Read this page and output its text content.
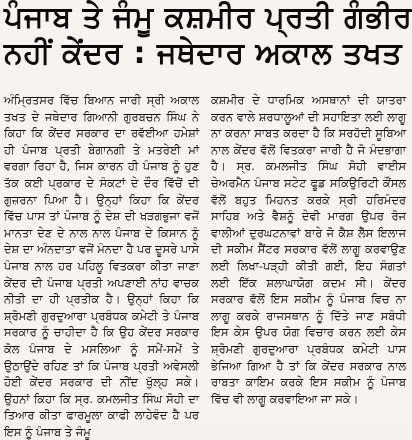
ਪੰਜਾਬ ਤੇ ਜੰਮੂ ਕਸ਼ਮੀਰ ਪ੍ਰਤੀ ਗੰਭੀਰ
ਨਹੀਂ ਕੇਂਦਰ : ਜਥੇਦਾਰ ਅਕਾਲ ਤਖਤ

ਅੰਮ੍ਰਿਤਸਰ ਵਿੱਚ ਬਿਆਨ ਜਾਰੀ ਸ੍ਰੀ ਅਕਾਲ ਤਖਤ ਦੇ ਜਥੇਦਾਰ ਗਿਆਨੀ ਗੁਰਬਚਨ ਸਿੰਘ ਨੇ ਕਿਹਾ ਕਿ ਕੇਂਦਰ ਸਰਕਾਰ ਦਾ ਰਵੱਈਆ ਹਮੇਸ਼ਾਂ ਹੀ ਪੰਜਾਬ ਪ੍ਰਤੀ ਬੇਗਾਨਗੀ ਤੇ ਮਤਰੇਈ ਮਾਂ ਵਰਗਾ ਰਿਹਾ ਹੈ, ਜਿਸ ਕਾਰਨ ਹੀ ਪੰਜਾਬ ਨੂੰ ਹੁਣ ਤੱਕ ਕਈ ਪ੍ਰਕਾਰ ਦੇ ਸੰਕਟਾਂ ਦੇ ਦੌਰ ਵਿੱਚੋਂ ਦੀ ਗੁਜ਼ਰਨਾ ਪਿਆ ਹੈ। ਉਨ੍ਹਾਂ ਕਿਹਾ ਕਿ ਕੇਂਦਰ ਵਿੱਚ ਪਾਸ ਤਾਂ ਪੰਜਾਬ ਨੂੰ ਦੇਸ਼ ਦੀ ਖੜਗਭੁਜਾ ਵਜੋਂ ਮਾਨਤਾ ਦੇਣ ਦੇ ਨਾਲ ਨਾਲ ਪੰਜਾਬ ਦੇ ਕਿਸਾਨ ਨੂੰ ਦੇਸ਼ ਦਾ ਅੰਨਦਾਤਾ ਵਜੋਂ ਮੰਨਦਾ ਹੈ ਪਰ ਦੂਸਰੇ ਪਾਸੇ ਪੰਜਾਬ ਨਾਲ ਹਰ ਪਹਿਲੂ ਵਿਤਕਰਾ ਕੀਤਾ ਜਾਣਾ ਕੇਂਦਰ ਦੀ ਪੰਜਾਬ ਪ੍ਰਤੀ ਅਪਣਾਈ ਨਾਂਹ ਵਾਚਕ ਨੀਤੀ ਦਾ ਹੀ ਪ੍ਰਤੀਕ ਹੈ। ਉਨ੍ਹਾਂ ਕਿਹਾ ਕਿ ਸ਼੍ਰੋਮਣੀ ਗੁਰਦੁਆਰਾ ਪ੍ਰਬੰਧਕ ਕਮੇਟੀ ਤੇ ਪੰਜਾਬ ਸਰਕਾਰ ਨੂੰ ਚਾਹੀਦਾ ਹੈ ਕਿ ਉਹ ਕੇਂਦਰ ਸਰਕਾਰ ਕੋਲ ਪੰਜਾਬ ਦੇ ਮਸਲਿਆ ਨੂੰ ਸਮੇਂ-ਸਮੇਂ ਤੇ ਉਠਾਉਂਦੇ ਰਹਿਣ ਤਾਂ ਕਿ ਪੰਜਾਬ ਪ੍ਰਤੀ ਅਵੇਸਲੀ ਹੋਈ ਕੇਂਦਰ ਸਰਕਾਰ ਦੀ ਨੀਂਦ ਖੁੱਲ੍ਹ ਸਕੇ। ਉਹਨਾਂ ਕਿਹਾ ਕਿ ਸ੍ਰ. ਕਮਲਜੀਤ ਸਿੰਘ ਸੋਹੀ ਦਾ ਤਿਆਰ ਕੀਤਾ ਫਾਰਮੂਲਾ ਕਾਫੀ ਲਾਹੇਵੰਦ ਹੈ ਪਰ ਇਸ ਨੂੰ ਪੰਜਾਬ ਤੇ ਜੰਮੂ

ਕਸ਼ਮੀਰ ਦੇ ਧਾਰਮਿਕ ਅਸਥਾਨਾਂ ਦੀ ਯਾਤਰਾ ਕਰਨ ਵਾਲੇ ਸ਼ਰਧਾਲੂਆਂ ਦੀ ਸਹਾਇਤਾ ਲਈ ਲਾਗੂ ਨਾ ਕਰਨਾ ਸਾਬਤ ਕਰਦਾ ਹੈ ਕਿ ਸਰਹੱਦੀ ਸੂਬਿਆ ਨਾਲ ਕੇਂਦਰ ਵੱਲੋਂ ਵਿਤਕਰਾ ਜਾਰੀ ਹੈ ਜੋ ਮੰਦਭਾਗਾ ਹੈ। ਸ੍ਰ. ਕਮਲਜੀਤ ਸਿੰਘ ਸੋਹੀ ਵਾਈਸ ਚੇਅਰਮੈਨ ਪੰਜਾਬ ਸਟੇਟ ਫੂਡ ਸਕਿਉਰਿਟੀ ਕੌਂਸਲ ਵੱਲੋਂ ਬਹੁਤ ਮਿਹਨਤ ਕਰਕੇ ਸ੍ਰੀ ਹਰਿਮੰਦਰ ਸਾਹਿਬ ਅਤੇ ਵੈਸ਼ਨੂੰ ਦੇਵੀ ਮਾਰਗ ਉਪਰ ਰੋਜ ਵਾਲੀਆਂ ਦੁਰਘਟਨਾਵਾਂ ਬਾਰੇ ਜੋ ਕੈਸ਼ ਲੈੱਸ ਇਲਾਜ ਦੀ ਸਕੀਮ ਸੈਂਟਰ ਸਰਕਾਰ ਵੱਲੋਂ ਲਾਗੂ ਕਰਵਾਉਣ ਲਈ ਲਿਖਾ-ਪੜ੍ਹੀ ਕੀਤੀ ਗਈ, ਇਹ ਸੰਗਤਾਂ ਲਈ ਇੱਕ ਸ਼ਲਾਘਾਯੋਗ ਕਦਮ ਸੀ। ਕੇਂਦਰ ਸਰਕਾਰ ਵੱਲੋਂ ਇਸ ਸਕੀਮ ਨੂੰ ਪੰਜਾਬ ਵਿਚ ਨਾ ਲਾਗੂ ਕਰਕੇ ਰਾਜਸਥਾਨ ਨੂੰ ਦਿੱਤੇ ਜਾਣ ਸਬੰਧੀ ਇਸ ਕੇਸ ਉਪਰ ਯੋਗ ਵਿਚਾਰ ਕਰਨ ਲਈ ਕੇਸ ਸ਼੍ਰੋਮਣੀ ਗੁਰਦੁਆਰਾ ਪ੍ਰਬੰਧਕ ਕਮੇਟੀ ਪਾਸ ਭੇਜਿਆ ਗਿਆ ਹੈ ਤਾਂ ਕਿ ਕੇਂਦਰ ਸਰਕਾਰ ਨਾਲ ਰਾਬਤਾ ਕਾਇਮ ਕਰਕੇ ਇਸ ਸਕੀਮ ਨੂੰ ਪੰਜਾਬ ਵਿੱਚ ਵੀ ਲਾਗੂ ਕਰਵਾਇਆ ਜਾ ਸਕੇ।
